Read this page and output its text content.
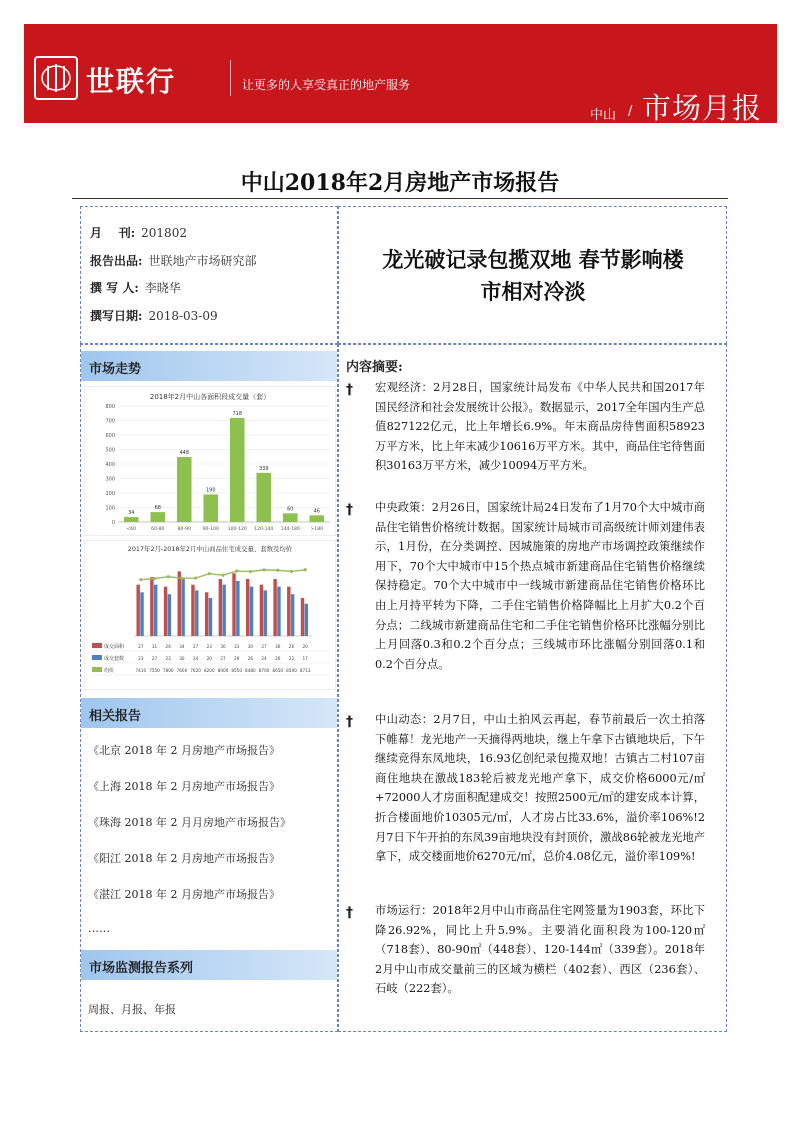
世联行	让更多的人享受真正的地产服务
中山 / 市场月报
中山2018年2月房地产市场报告
月    刊: 201802
报告出品: 世联地产市场研究部
撰 写 人: 李晓华
撰写日期: 2018-03-09
龙光破记录包揽双地 春节影响楼
市相对冷淡
市场走势
2018年2月中山各面积段成交量（套）
0
100
200
300
400
500
600
700
800
34
<60
68
60-80
448
80-90
190
90-100
718
100-120
339
120-144
60
144-180
46
>180
2017年2月-2018年2月中山商品住宅成交量、套数及均价
成交面积	27 31 26 34 27 23 30 33 30 27 30 26 20
成交套数	23 27 22 30 24 20 27 29 26 24 26 22 17
均价	7410 7550 7800 7600 7620 8200 8000 8550 8480 8700 8650 8500 8713
相关报告
《北京 2018 年 2 月房地产市场报告》
《上海 2018 年 2 月房地产市场报告》
《珠海 2018 年 2 月月房地产市场报告》
《阳江 2018 年 2 月房地产市场报告》
《湛江 2018 年 2 月房地产市场报告》
……
市场监测报告系列
周报、月报、年报
内容摘要:
† 宏观经济：2月28日，国家统计局发布《中华人民共和国2017年国民经济和社会发展统计公报》。数据显示，2017全年国内生产总值827122亿元，比上年增长6.9%。年末商品房待售面积58923万平方米，比上年末减少10616万平方米。其中，商品住宅待售面积30163万平方米，减少10094万平方米。
† 中央政策：2月26日，国家统计局24日发布了1月70个大中城市商品住宅销售价格统计数据。国家统计局城市司高级统计师刘建伟表示，1月份，在分类调控、因城施策的房地产市场调控政策继续作用下，70个大中城市中15个热点城市新建商品住宅销售价格继续保持稳定。70个大中城市中一线城市新建商品住宅销售价格环比由上月持平转为下降，二手住宅销售价格降幅比上月扩大0.2个百分点；二线城市新建商品住宅和二手住宅销售价格环比涨幅分别比上月回落0.3和0.2个百分点；三线城市环比涨幅分别回落0.1和0.2个百分点。
† 中山动态：2月7日，中山土拍风云再起，春节前最后一次土拍落下帷幕！龙光地产一天摘得两地块，继上午拿下古镇地块后，下午继续竞得东凤地块，16.93亿创纪录包揽双地！古镇古二村107亩商住地块在激战183轮后被龙光地产拿下，成交价格6000元/㎡+72000人才房面积配建成交！按照2500元/㎡的建安成本计算，折合楼面地价10305元/㎡，人才房占比33.6%，溢价率106%!2月7日下午开拍的东凤39亩地块没有封顶价，激战86轮被龙光地产拿下，成交楼面地价6270元/㎡，总价4.08亿元，溢价率109%!
† 市场运行：2018年2月中山市商品住宅网签量为1903套，环比下降26.92%，同比上升5.9%。主要消化面积段为100-120㎡（718套）、80-90㎡（448套）、120-144㎡（339套）。2018年2月中山市成交量前三的区域为横栏（402套）、西区（236套）、石岐（222套）。
